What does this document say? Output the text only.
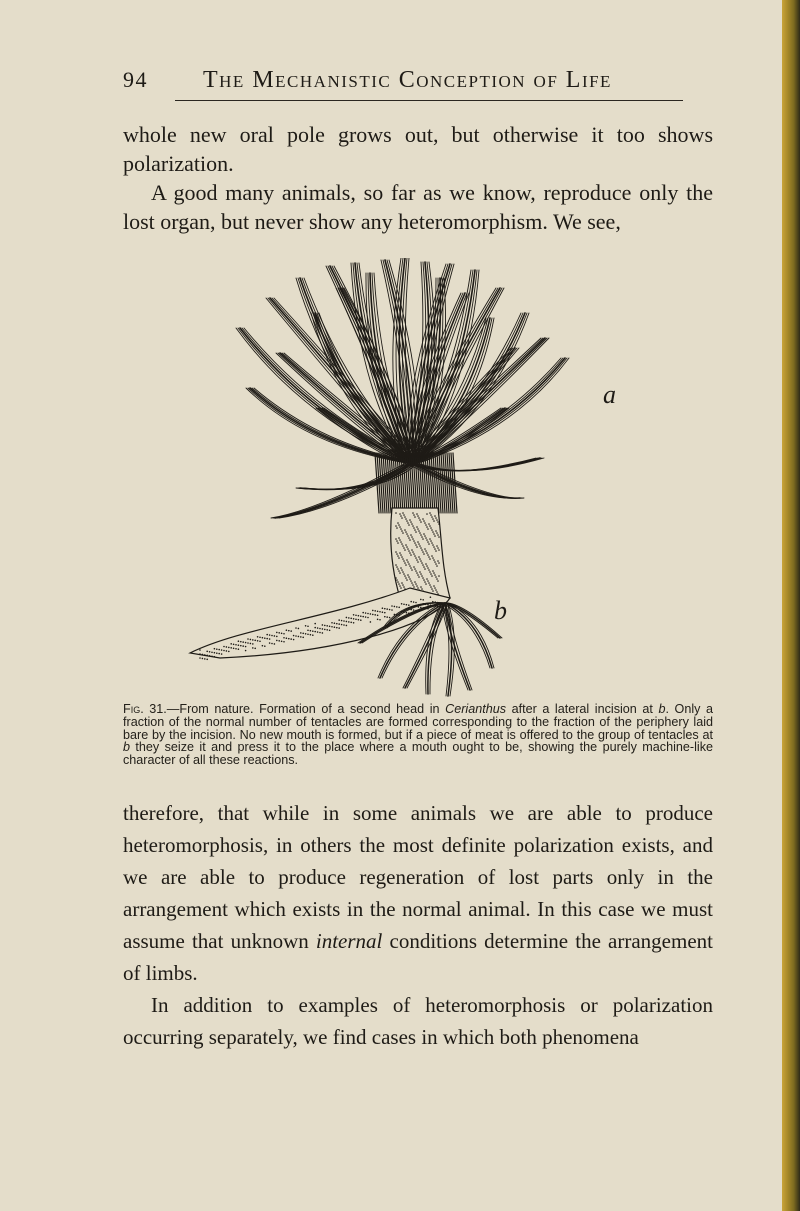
94 The Mechanistic Conception of Life

whole new oral pole grows out, but otherwise it too shows polarization.

A good many animals, so far as we know, reproduce only the lost organ, but never show any heteromorphism. We see,

a
b
Fig. 31.—From nature. Formation of a second head in Cerianthus after a lateral incision at b. Only a fraction of the normal number of tentacles are formed corresponding to the fraction of the periphery laid bare by the incision. No new mouth is formed, but if a piece of meat is offered to the group of tentacles at b they seize it and press it to the place where a mouth ought to be, showing the purely machine-like character of all these reactions.

therefore, that while in some animals we are able to produce heteromorphosis, in others the most definite polarization exists, and we are able to produce regeneration of lost parts only in the arrangement which exists in the normal animal. In this case we must assume that unknown internal conditions determine the arrangement of limbs.

In addition to examples of heteromorphosis or polarization occurring separately, we find cases in which both phenomena
